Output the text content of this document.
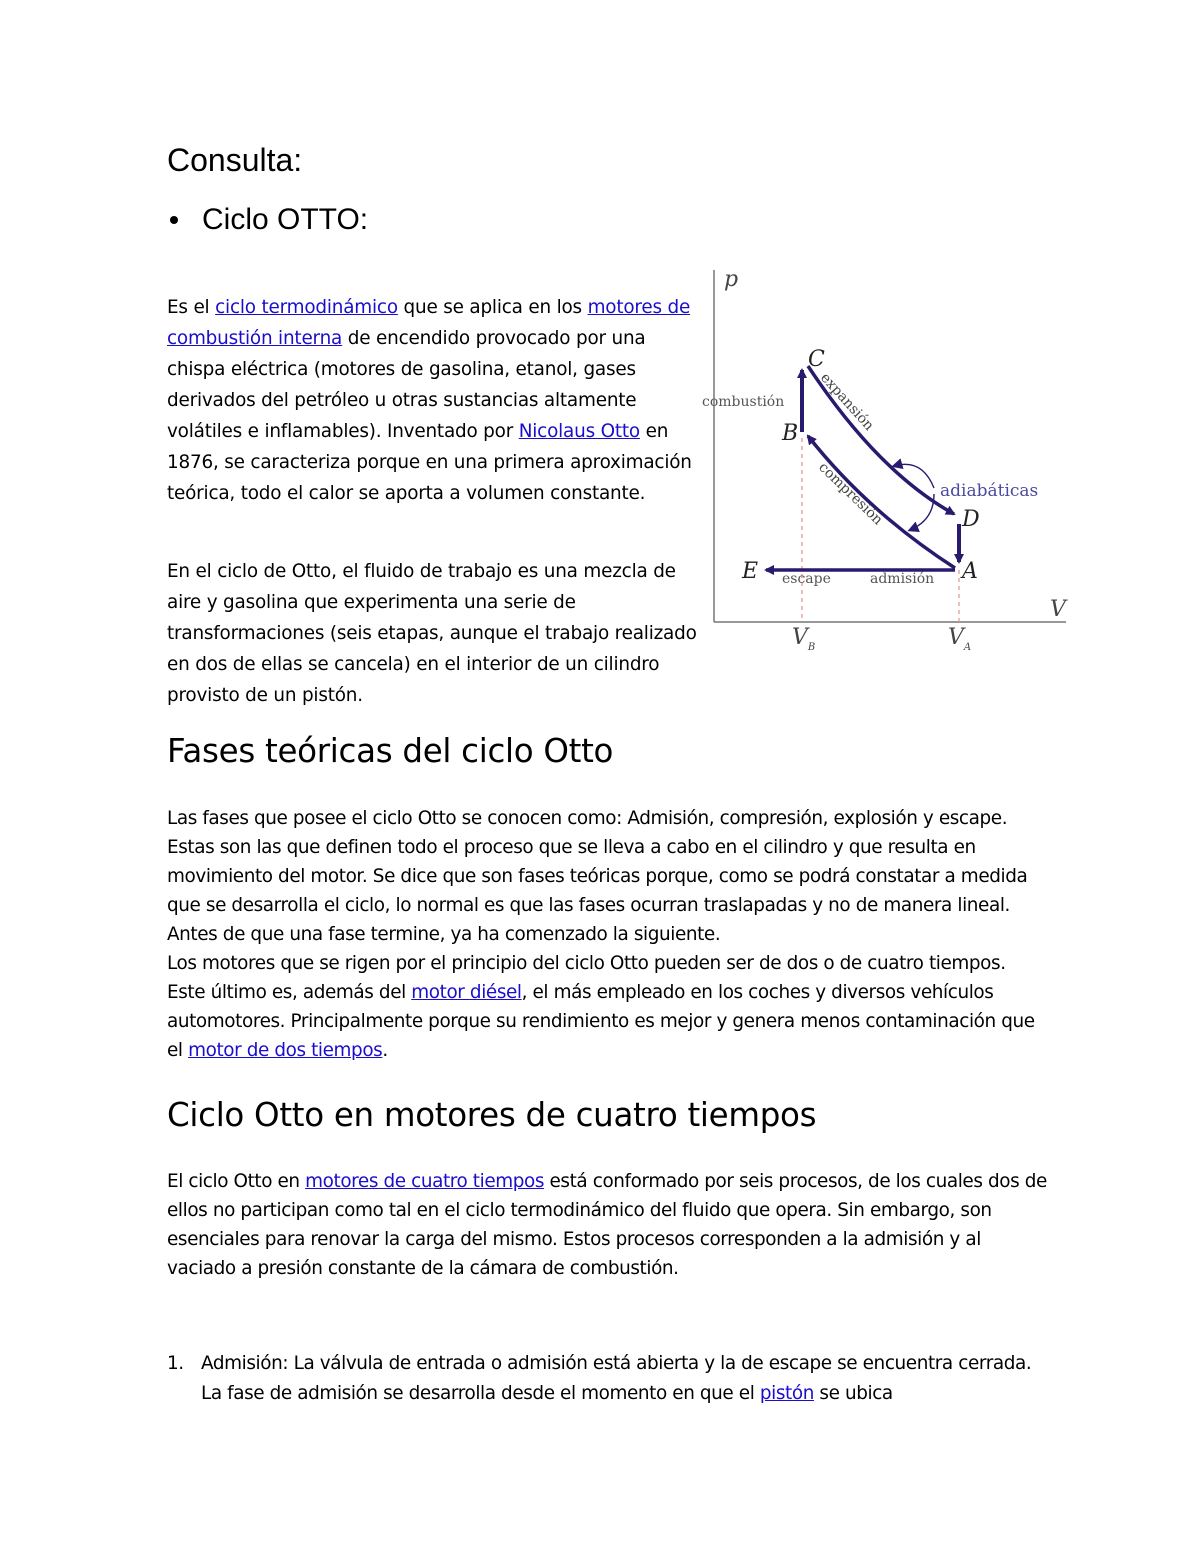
Consulta:
Ciclo OTTO:

Es el ciclo termodinámico que se aplica en los motores de combustión interna de encendido provocado por una chispa eléctrica (motores de gasolina, etanol, gases derivados del petróleo u otras sustancias altamente volátiles e inflamables). Inventado por Nicolaus Otto en 1876, se caracteriza porque en una primera aproximación teórica, todo el calor se aporta a volumen constante.

En el ciclo de Otto, el fluido de trabajo es una mezcla de aire y gasolina que experimenta una serie de transformaciones (seis etapas, aunque el trabajo realizado en dos de ellas se cancela) en el interior de un cilindro provisto de un pistón.

Fases teóricas del ciclo Otto

Las fases que posee el ciclo Otto se conocen como: Admisión, compresión, explosión y escape. Estas son las que definen todo el proceso que se lleva a cabo en el cilindro y que resulta en movimiento del motor. Se dice que son fases teóricas porque, como se podrá constatar a medida que se desarrolla el ciclo, lo normal es que las fases ocurran traslapadas y no de manera lineal. Antes de que una fase termine, ya ha comenzado la siguiente.
Los motores que se rigen por el principio del ciclo Otto pueden ser de dos o de cuatro tiempos. Este último es, además del motor diésel, el más empleado en los coches y diversos vehículos automotores. Principalmente porque su rendimiento es mejor y genera menos contaminación que el motor de dos tiempos.

Ciclo Otto en motores de cuatro tiempos

El ciclo Otto en motores de cuatro tiempos está conformado por seis procesos, de los cuales dos de ellos no participan como tal en el ciclo termodinámico del fluido que opera. Sin embargo, son esenciales para renovar la carga del mismo. Estos procesos corresponden a la admisión y al vaciado a presión constante de la cámara de combustión.

1. Admisión: La válvula de entrada o admisión está abierta y la de escape se encuentra cerrada. La fase de admisión se desarrolla desde el momento en que el pistón se ubica
p
V
C
B
D
A
E
combustión expansión
compresión	adiabáticas
escape	admisión
$V_B$	$V_A$
